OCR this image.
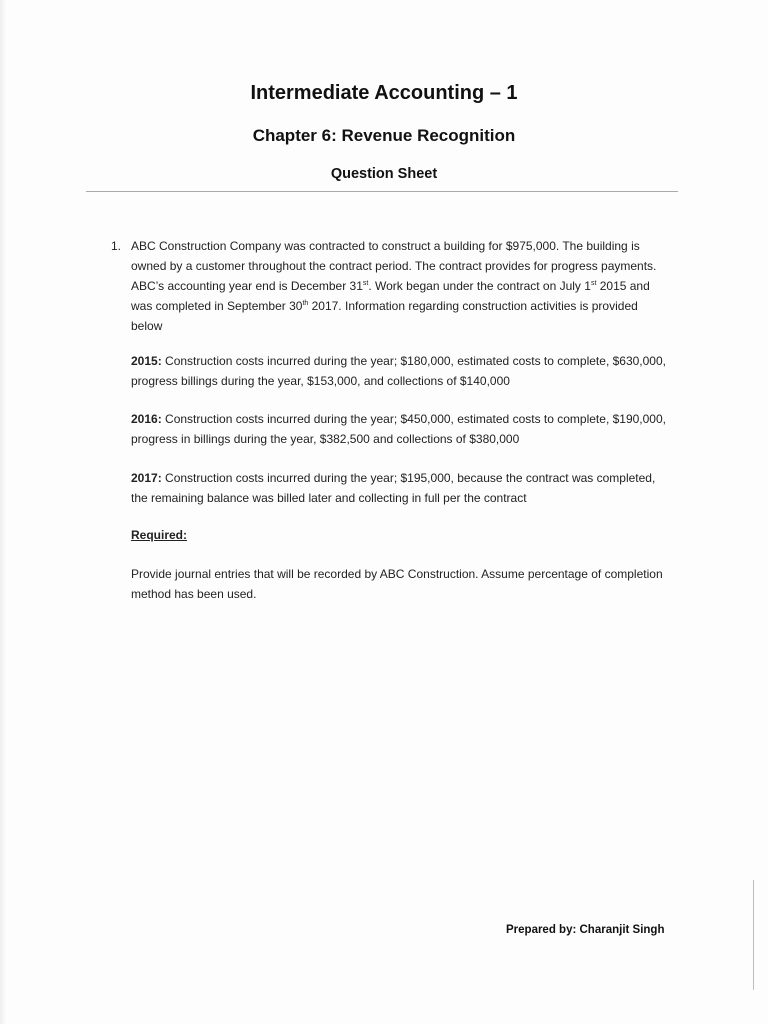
Intermediate Accounting – 1
Chapter 6: Revenue Recognition
Question Sheet
1. ABC Construction Company was contracted to construct a building for $975,000. The building is owned by a customer throughout the contract period. The contract provides for progress payments. ABC’s accounting year end is December 31st. Work began under the contract on July 1st 2015 and was completed in September 30th 2017. Information regarding construction activities is provided below
2015: Construction costs incurred during the year; $180,000, estimated costs to complete, $630,000, progress billings during the year, $153,000, and collections of $140,000
2016: Construction costs incurred during the year; $450,000, estimated costs to complete, $190,000, progress in billings during the year, $382,500 and collections of $380,000
2017: Construction costs incurred during the year; $195,000, because the contract was completed, the remaining balance was billed later and collecting in full per the contract
Required:
Provide journal entries that will be recorded by ABC Construction. Assume percentage of completion method has been used.
Prepared by: Charanjit Singh
